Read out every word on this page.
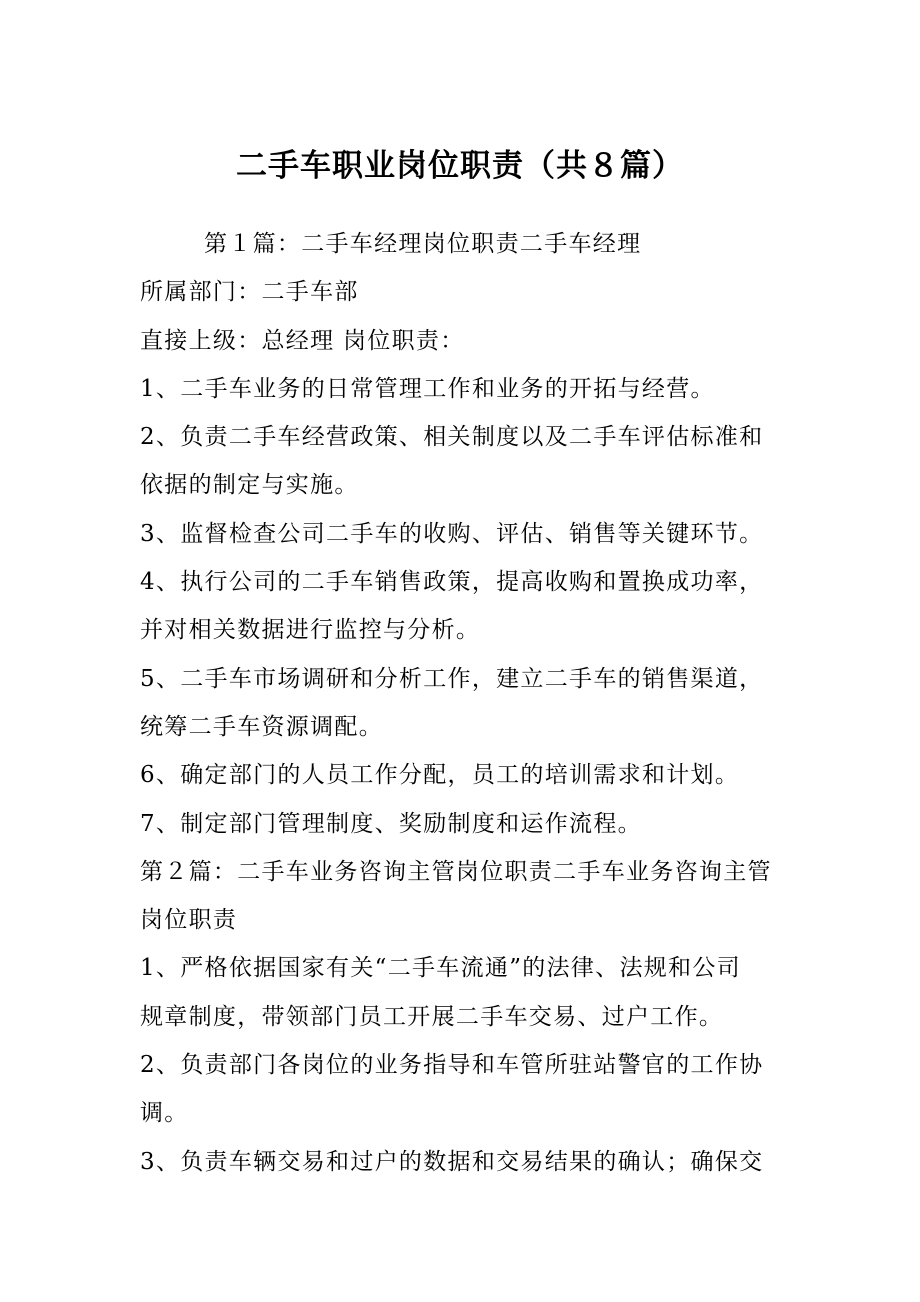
二手车职业岗位职责（共８篇）

第１篇：二手车经理岗位职责二手车经理

所属部门：二手车部

直接上级：总经理 岗位职责：

1、二手车业务的日常管理工作和业务的开拓与经营。

2、负责二手车经营政策、相关制度以及二手车评估标准和

依据的制定与实施。

3、监督检查公司二手车的收购、评估、销售等关键环节。

4、执行公司的二手车销售政策，提高收购和置换成功率，

并对相关数据进行监控与分析。

5、二手车市场调研和分析工作，建立二手车的销售渠道，

统筹二手车资源调配。

6、确定部门的人员工作分配，员工的培训需求和计划。

7、制定部门管理制度、奖励制度和运作流程。

第２篇：二手车业务咨询主管岗位职责二手车业务咨询主管

岗位职责

1、严格依据国家有关“二手车流通”的法律、法规和公司

规章制度，带领部门员工开展二手车交易、过户工作。

2、负责部门各岗位的业务指导和车管所驻站警官的工作协

调。

3、负责车辆交易和过户的数据和交易结果的确认；确保交
